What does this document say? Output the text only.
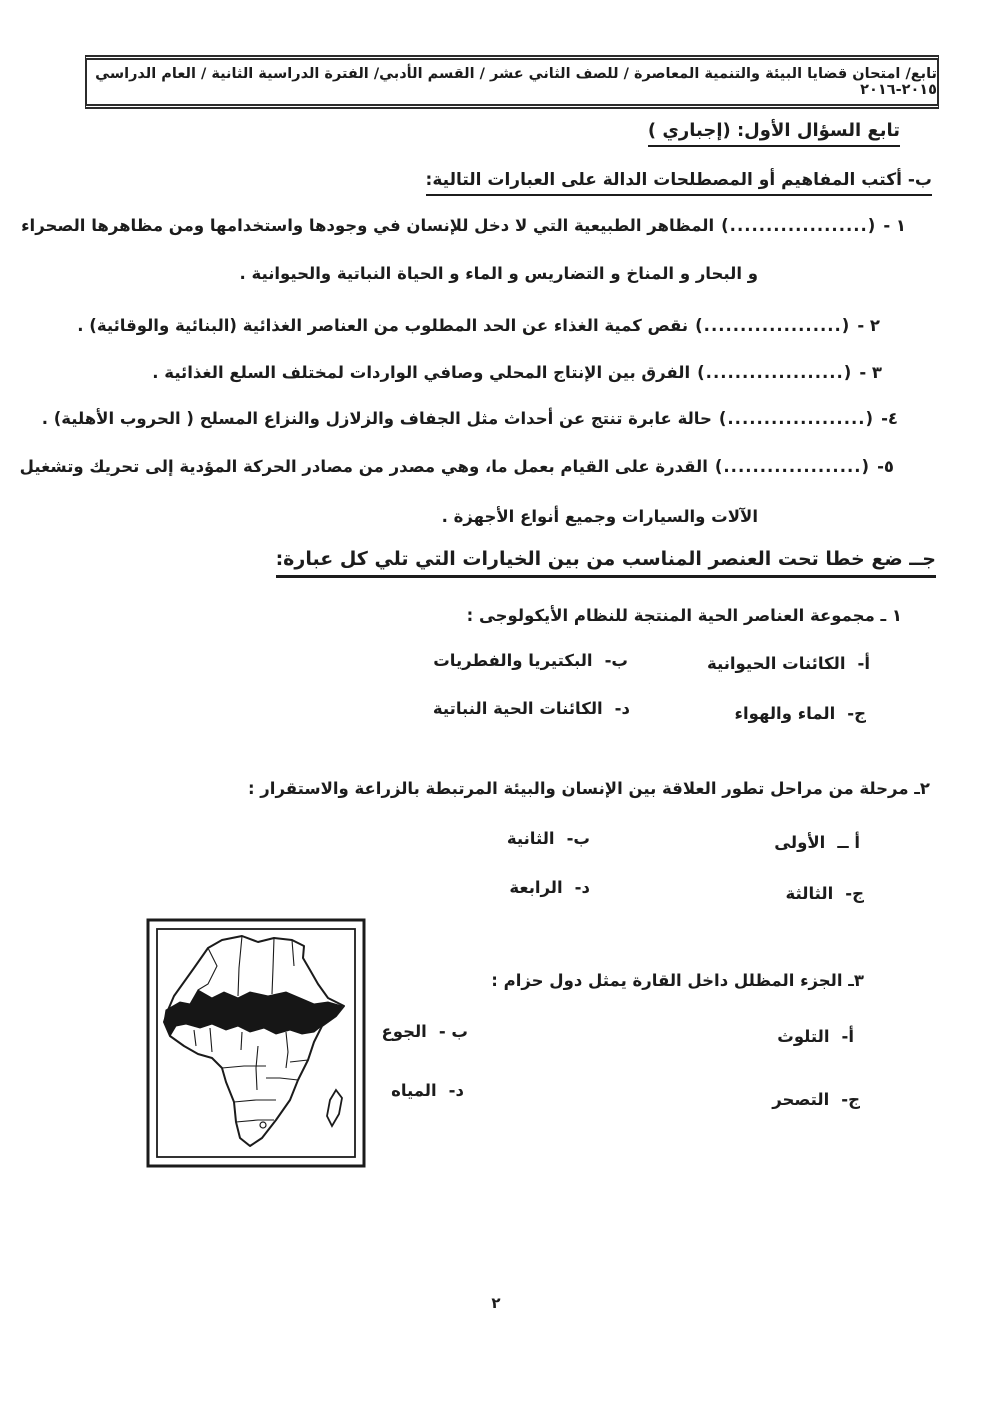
تابع/ امتحان قضايا البيئة والتنمية المعاصرة / للصف الثاني عشر / القسم الأدبي/ الفترة الدراسية الثانية / العام الدراسي ٢٠١٥-٢٠١٦
تابع السؤال الأول: (إجباري )
ب- أكتب المفاهيم أو المصطلحات الدالة على العبارات التالية:
١ -
(...................)
المظاهر الطبيعية التي لا دخل للإنسان في وجودها واستخدامها ومن مظاهرها الصحراء
و البحار و المناخ و التضاريس و الماء و الحياة النباتية والحيوانية .
٢ -
(...................)
نقص كمية الغذاء عن الحد المطلوب من العناصر الغذائية (البنائية والوقائية) .
٣ -
(...................)
الفرق بين الإنتاج المحلي وصافي الواردات لمختلف السلع الغذائية .
٤-
(...................)
حالة عابرة تنتج عن أحداث مثل الجفاف والزلازل والنزاع المسلح ( الحروب الأهلية) .
٥-
(...................)
القدرة على القيام بعمل ما، وهي مصدر من مصادر الحركة المؤدية إلى تحريك وتشغيل
الآلات والسيارات وجميع أنواع الأجهزة .
جــ ضع خطا تحت العنصر المناسب من بين الخيارات التي تلي كل عبارة:
١ ـ مجموعة العناصر الحية المنتجة للنظام الأيكولوجى :
أ-
الكائنات الحيوانية
ب-
البكتيريا والفطريات
ج-
الماء والهواء
د-
الكائنات الحية النباتية
٢ـ مرحلة من مراحل تطور العلاقة بين الإنسان والبيئة المرتبطة بالزراعة والاستقرار :
أ ــ
الأولى
ب-
الثانية
ج-
الثالثة
د-
الرابعة
٣ـ الجزء المظلل داخل القارة يمثل دول حزام :
أ-
التلوث
ب -
الجوع
ج-
التصحر
د-
المياه
٢
